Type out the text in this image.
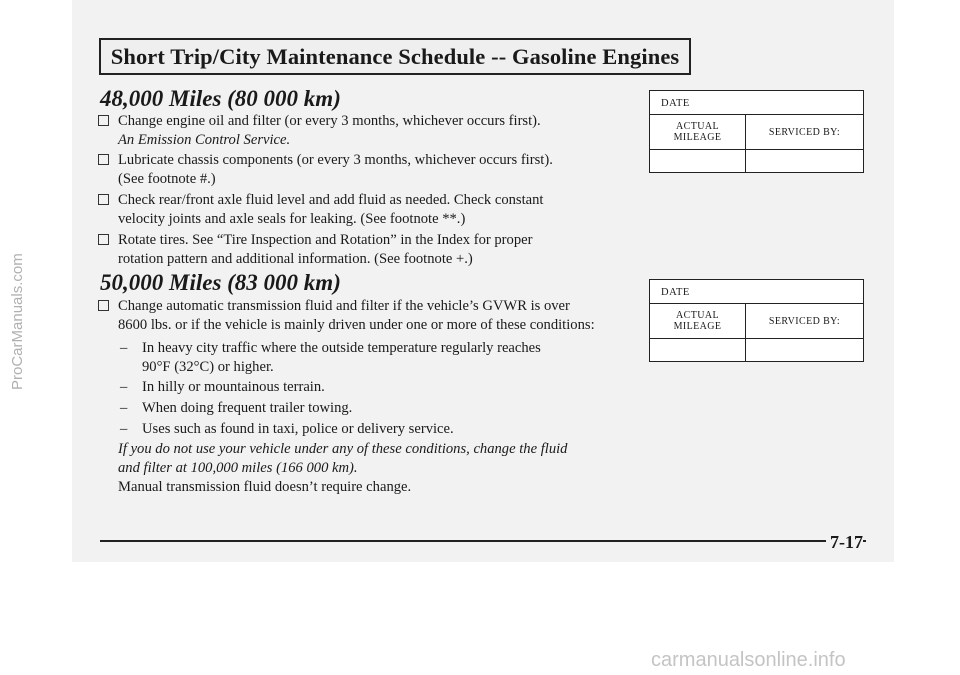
Short Trip/City Maintenance Schedule -- Gasoline Engines
48,000 Miles (80 000 km)
Change engine oil and filter (or every 3 months, whichever occurs first).
An Emission Control Service.
Lubricate chassis components (or every 3 months, whichever occurs first).
(See footnote #.)
Check rear/front axle fluid level and add fluid as needed. Check constant
velocity joints and axle seals for leaking. (See footnote **.)
Rotate tires. See “Tire Inspection and Rotation” in the Index for proper
rotation pattern and additional information. (See footnote +.)
50,000 Miles (83 000 km)
Change automatic transmission fluid and filter if the vehicle’s GVWR is over
8600 lbs. or if the vehicle is mainly driven under one or more of these conditions:
– In heavy city traffic where the outside temperature regularly reaches
90°F (32°C) or higher.
– In hilly or mountainous terrain.
– When doing frequent trailer towing.
– Uses such as found in taxi, police or delivery service.
If you do not use your vehicle under any of these conditions, change the fluid
and filter at 100,000 miles (166 000 km).
Manual transmission fluid doesn’t require change.
DATE
ACTUAL
MILEAGE	SERVICED BY:
DATE
ACTUAL
MILEAGE	SERVICED BY:
7-17
ProCarManuals.com
carmanualsonline.info
